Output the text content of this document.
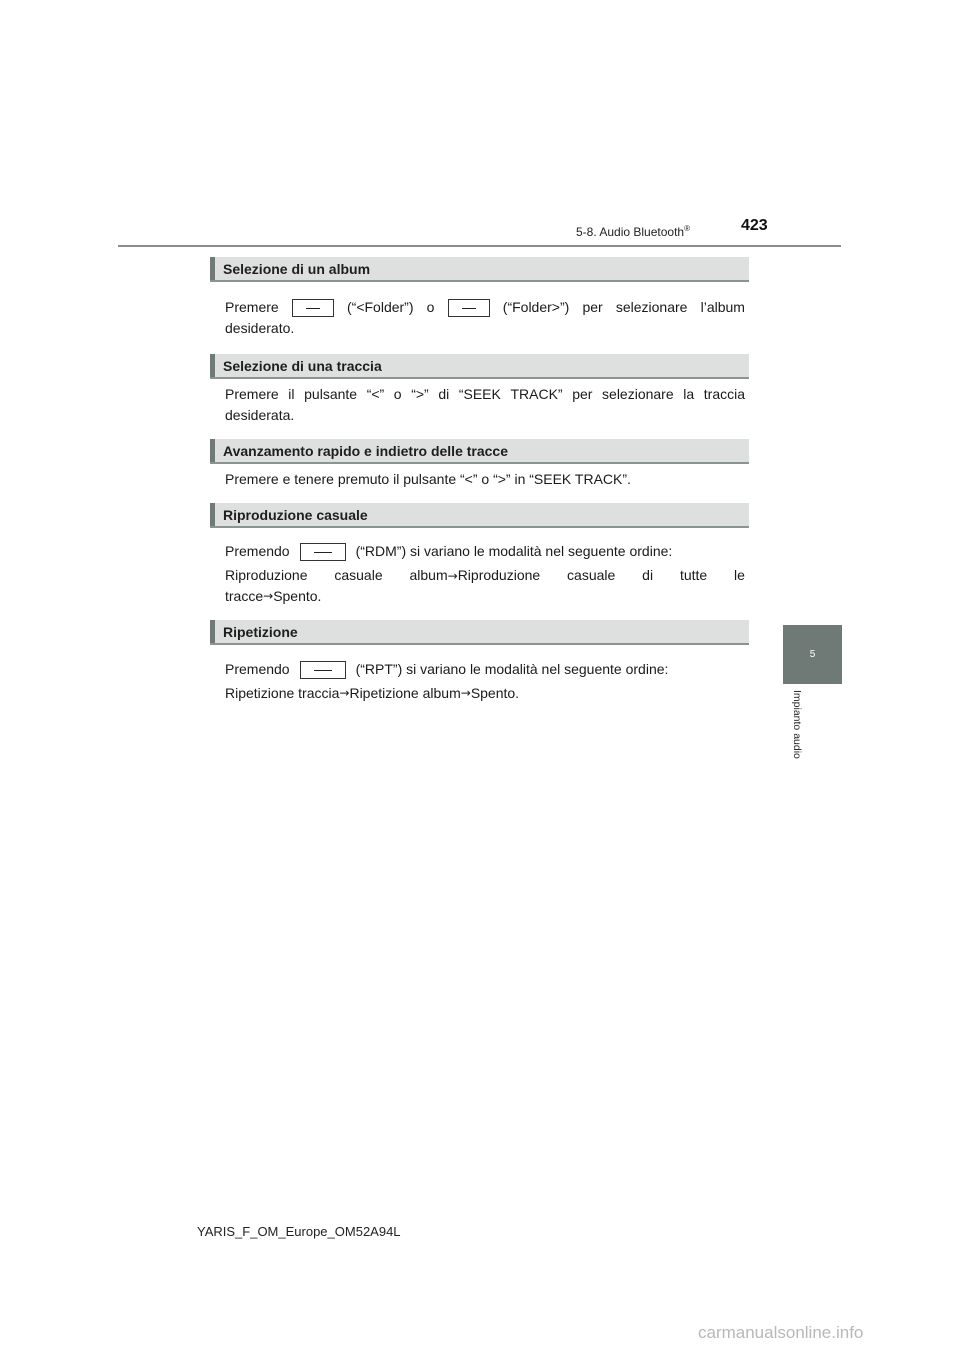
5-8. Audio Bluetooth®	423
5
Impianto audio
Selezione di un album
Premere	(“<Folder”) o	(“Folder>”) per selezionare l’album
desiderato.
Selezione di una traccia
Premere il pulsante “<” o “>” di “SEEK TRACK” per selezionare la traccia
desiderata.
Avanzamento rapido e indietro delle tracce
Premere e tenere premuto il pulsante “<” o “>” in “SEEK TRACK”.
Riproduzione casuale
Premendo	(“RDM”) si variano le modalità nel seguente ordine:
Riproduzione casuale album→Riproduzione casuale di tutte le
tracce → Spento.
Ripetizione
Premendo	(“RPT”) si variano le modalità nel seguente ordine:
Ripetizione traccia → Ripetizione album → Spento.
YARIS_F_OM_Europe_OM52A94L
carmanualsonline.info
